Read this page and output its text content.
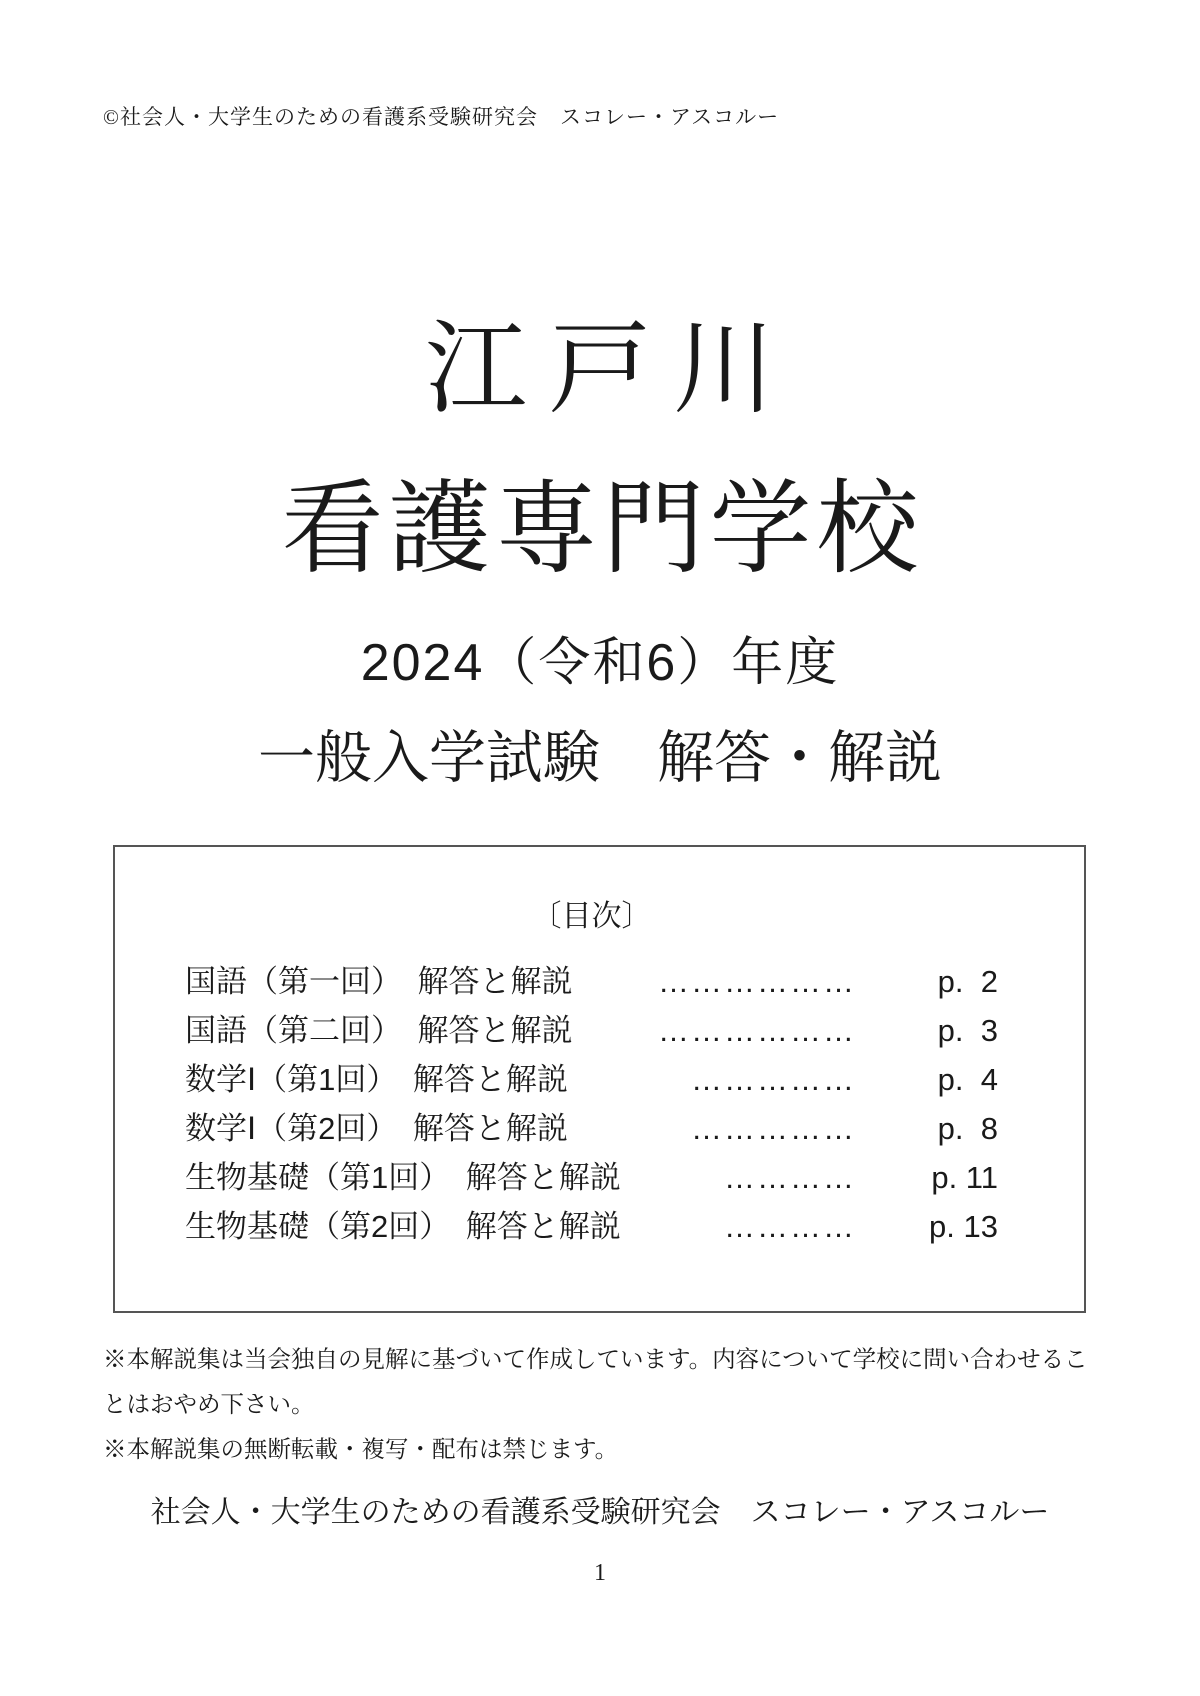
©社会人・大学生のための看護系受験研究会　スコレー・アスコルー
江戸川
看護専門学校
2024（令和6）年度
一般入学試験　解答・解説
〔目次〕
国語（第一回）　解答と解説	………………	p.  2
国語（第二回）　解答と解説	………………	p.  3
数学Ⅰ（第1回）　解答と解説	……………	p.  4
数学Ⅰ（第2回）　解答と解説	……………	p.  8
生物基礎（第1回）　解答と解説	…………	p. 11
生物基礎（第2回）　解答と解説	…………	p. 13

※本解説集は当会独自の見解に基づいて作成しています。内容について学校に問い合わせることはおやめ下さい。

※本解説集の無断転載・複写・配布は禁じます。

社会人・大学生のための看護系受験研究会　スコレー・アスコルー
1
